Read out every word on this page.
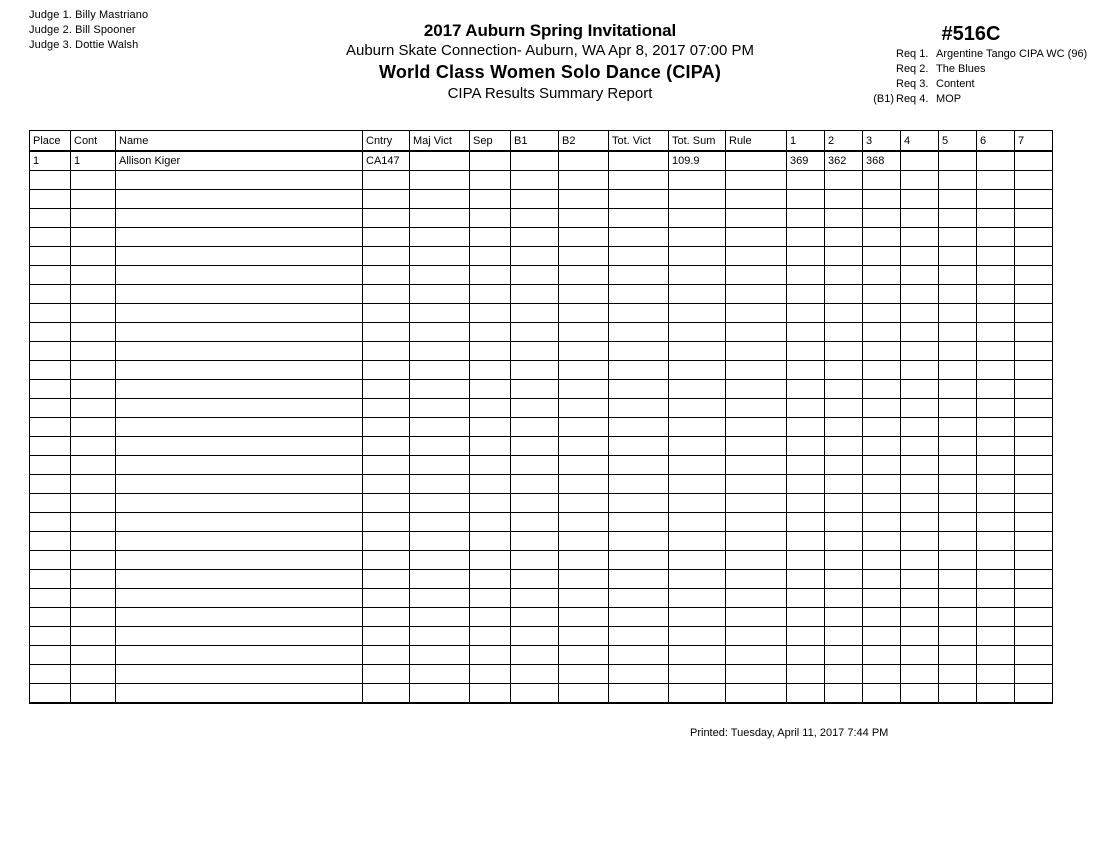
Judge 1. Billy Mastriano
Judge 2. Bill Spooner
Judge 3. Dottie Walsh
2017 Auburn Spring Invitational
Auburn Skate Connection- Auburn, WA Apr 8, 2017 07:00 PM
World Class Women Solo Dance (CIPA)
CIPA Results Summary Report
#516C
Req 1. Argentine Tango CIPA WC (96)
Req 2. The Blues
Req 3. Content
(B1) Req 4. MOP
Place	Cont	Name	Cntry	Maj Vict	Sep	B1	B2	Tot. Vict	Tot. Sum	Rule	1	2	3	4	5	6	7
1	1	Allison Kiger	CA147						109.9		369	362	368				

Printed: Tuesday, April 11, 2017 7:44 PM
